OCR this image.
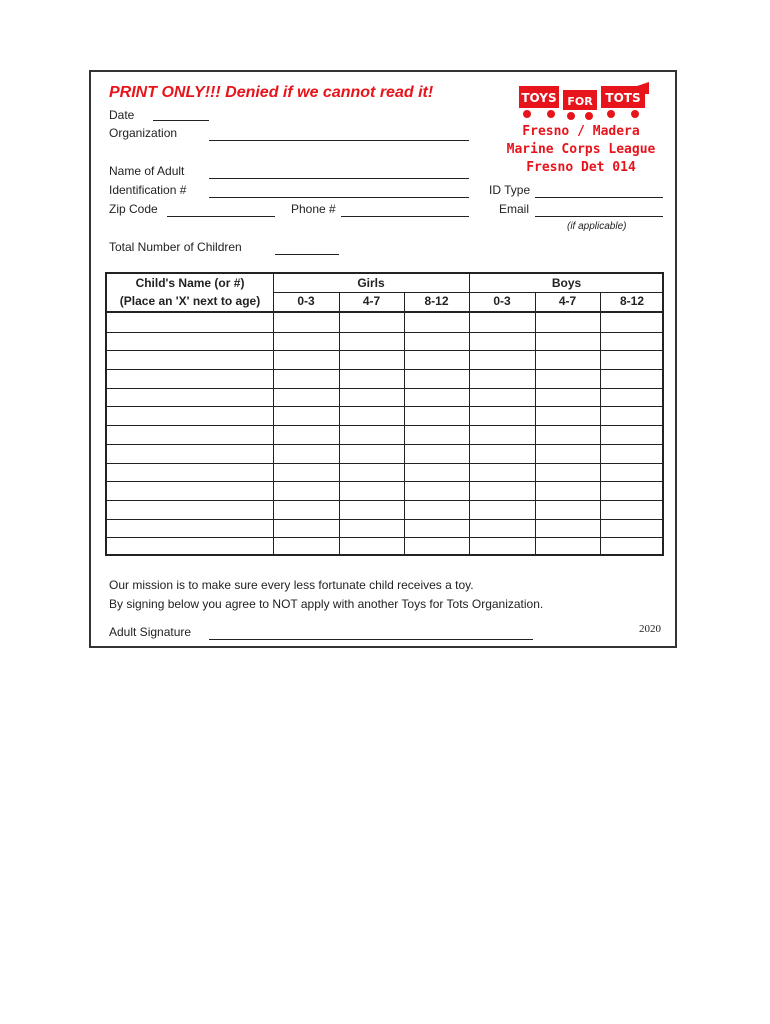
PRINT ONLY!!! Denied if we cannot read it!	TOYS FOR TOTS
Fresno / Madera
Marine Corps League
Fresno Det 014
Date
Organization
Name of Adult
Identification #
Zip Code	Phone #
ID Type
Email
(if applicable)
Total Number of Children
Child's Name (or #)
(Place an 'X' next to age)
Girls	Boys
0-3	4-7	8-12	0-3	4-7	8-12
Our mission is to make sure every less fortunate child receives a toy.
By signing below you agree to NOT apply with another Toys for Tots Organization.
Adult Signature	2020
